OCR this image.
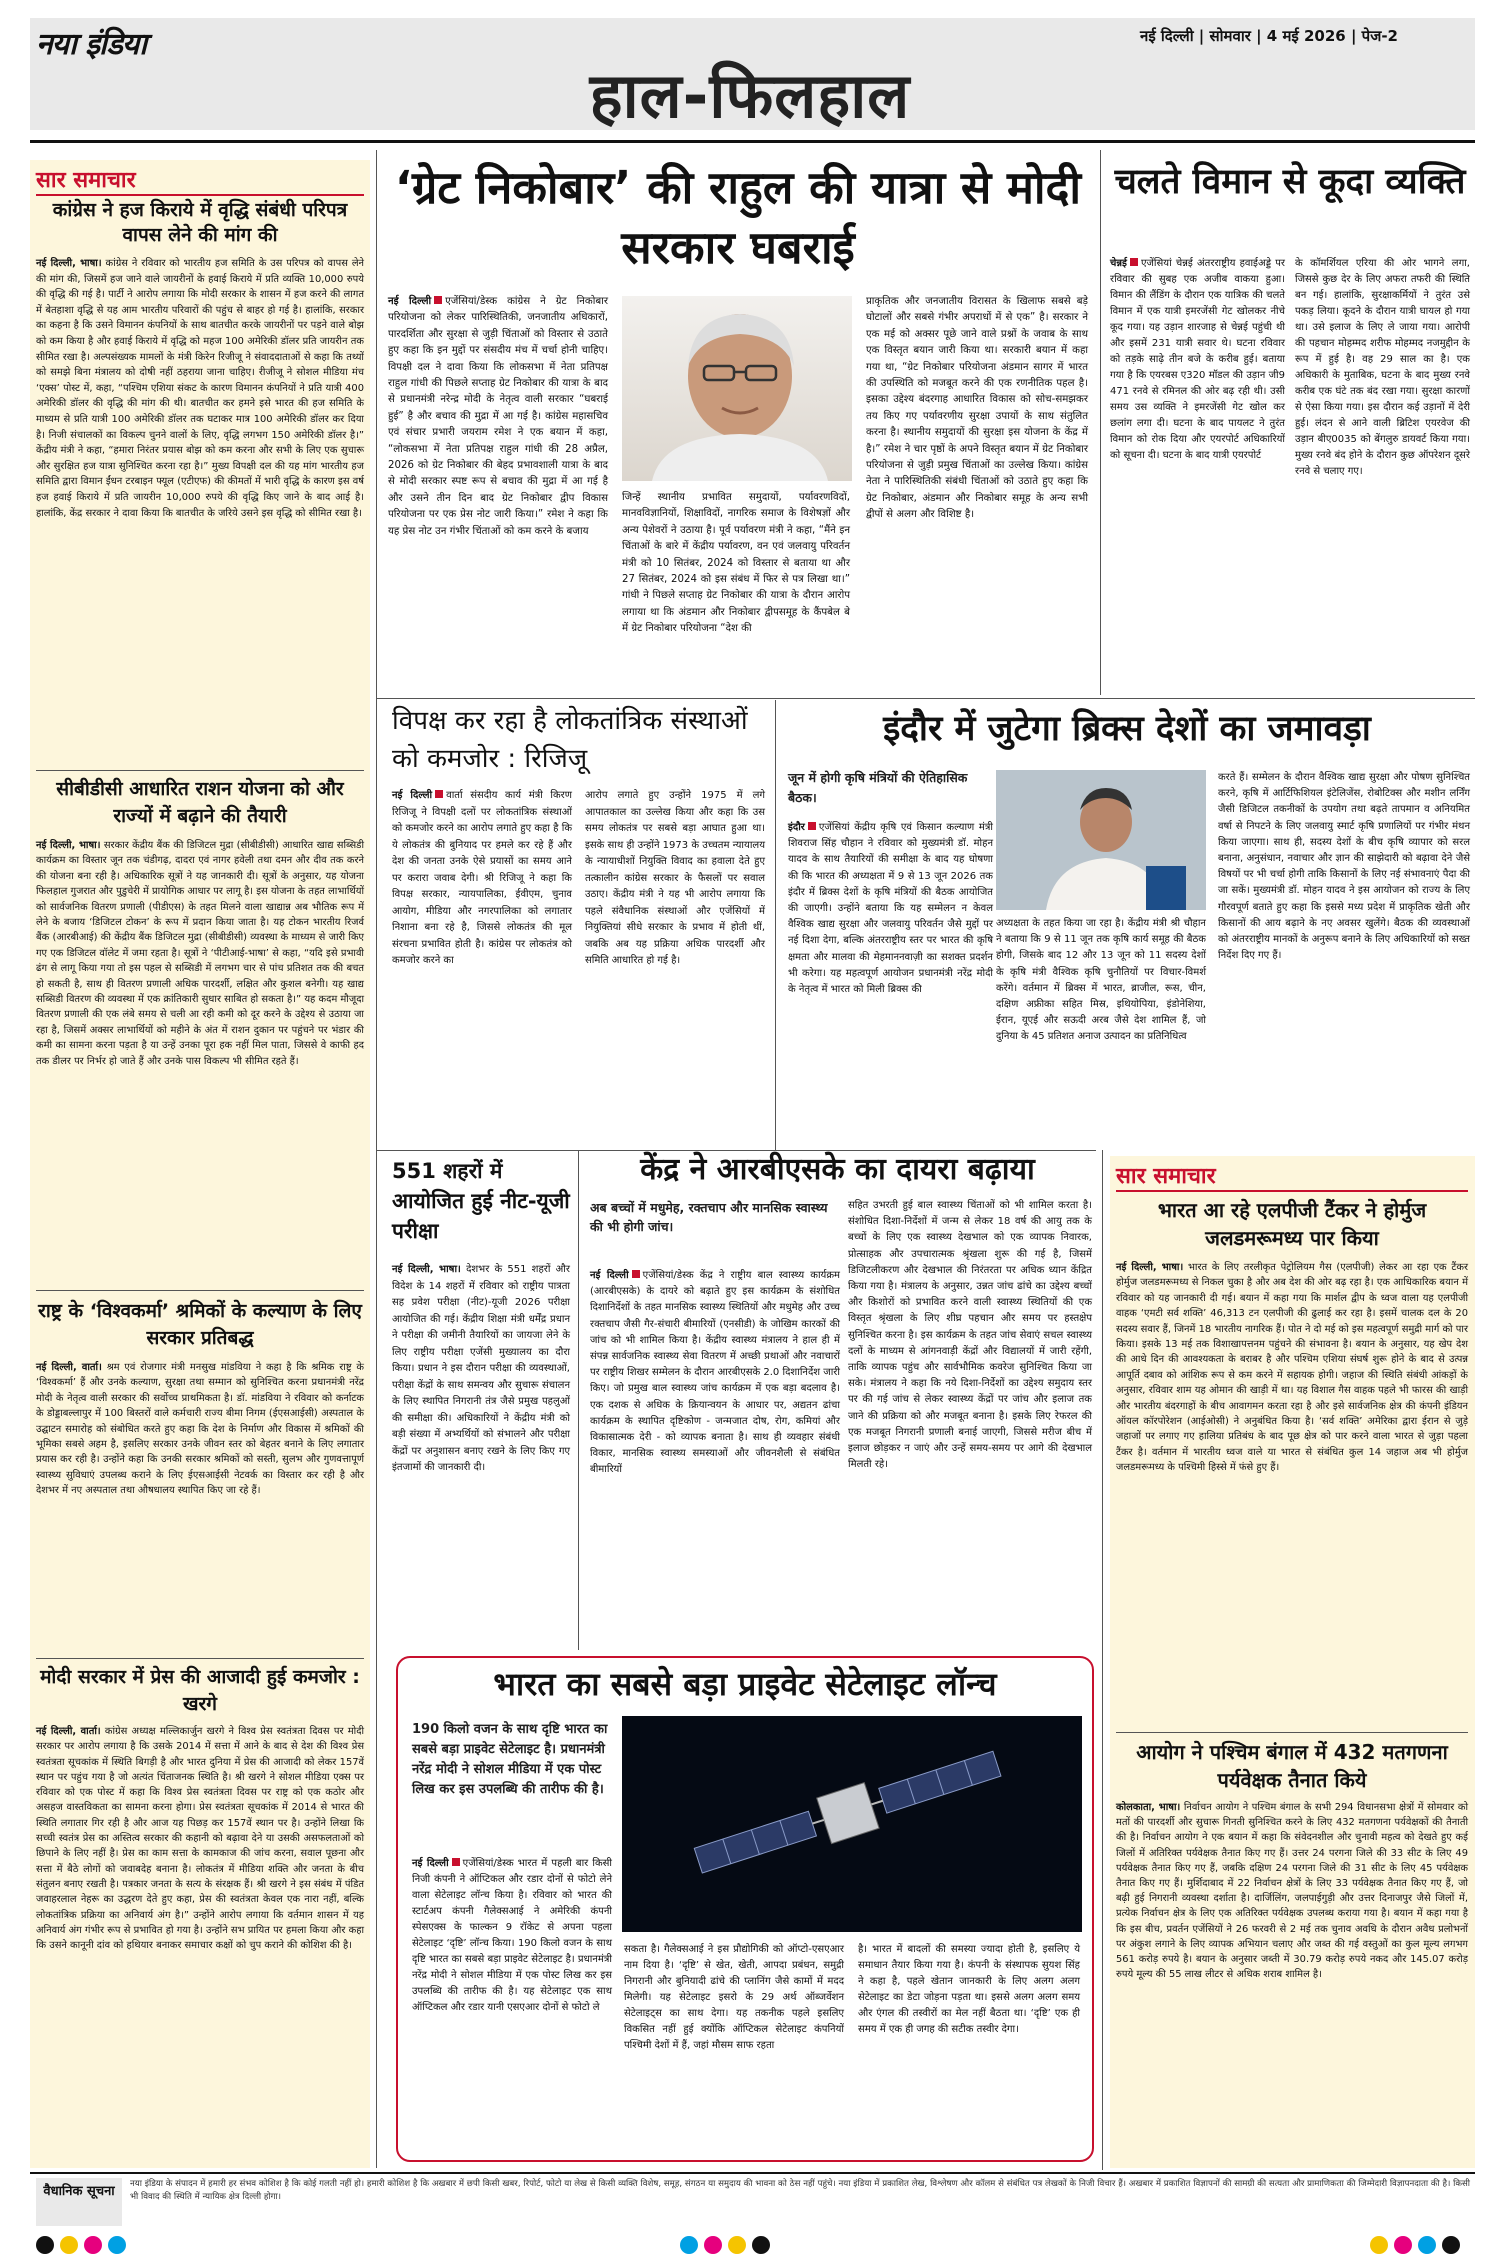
नया इंडिया	नई दिल्ली | सोमवार | 4 मई 2026 | पेज-2
हाल-फिलहाल
सार समाचार
कांग्रेस ने हज किराये में वृद्धि संबंधी परिपत्र वापस लेने की मांग की
नई दिल्ली, भाषा। कांग्रेस ने रविवार को भारतीय हज समिति के उस परिपत्र को वापस लेने की मांग की, जिसमें हज जाने वाले जायरीनों के हवाई किराये में प्रति व्यक्ति 10,000 रुपये की वृद्धि की गई है। पार्टी ने आरोप लगाया कि मोदी सरकार के शासन में हज करने की लागत में बेतहाशा वृद्धि से यह आम भारतीय परिवारों की पहुंच से बाहर हो गई है। हालांकि, सरकार का कहना है कि उसने विमानन कंपनियों के साथ बातचीत करके जायरीनों पर पड़ने वाले बोझ को कम किया है और हवाई किराये में वृद्धि को महज 100 अमेरिकी डॉलर प्रति जायरीन तक सीमित रखा है। अल्पसंख्यक मामलों के मंत्री किरेन रिजीजू ने संवाददाताओं से कहा कि तथ्यों को समझे बिना मंत्रालय को दोषी नहीं ठहराया जाना चाहिए। रीजीजू ने सोशल मीडिया मंच ‘एक्स’ पोस्ट में, कहा, “पश्चिम एशिया संकट के कारण विमानन कंपनियों ने प्रति यात्री 400 अमेरिकी डॉलर की वृद्धि की मांग की थी। बातचीत कर हमने इसे भारत की हज समिति के माध्यम से प्रति यात्री 100 अमेरिकी डॉलर तक घटाकर मात्र 100 अमेरिकी डॉलर कर दिया है। निजी संचालकों का विकल्प चुनने वालों के लिए, वृद्धि लगभग 150 अमेरिकी डॉलर है।” केंद्रीय मंत्री ने कहा, “हमारा निरंतर प्रयास बोझ को कम करना और सभी के लिए एक सुचारू और सुरक्षित हज यात्रा सुनिश्चित करना रहा है।” मुख्य विपक्षी दल की यह मांग भारतीय हज समिति द्वारा विमान ईंधन टरबाइन फ्यूल (एटीएफ) की कीमतों में भारी वृद्धि के कारण इस वर्ष हज हवाई किराये में प्रति जायरीन 10,000 रुपये की वृद्धि किए जाने के बाद आई है। हालांकि, केंद्र सरकार ने दावा किया कि बातचीत के जरिये उसने इस वृद्धि को सीमित रखा है।
सीबीडीसी आधारित राशन योजना को और राज्यों में बढ़ाने की तैयारी
नई दिल्ली, भाषा। सरकार केंद्रीय बैंक की डिजिटल मुद्रा (सीबीडीसी) आधारित खाद्य सब्सिडी कार्यक्रम का विस्तार जून तक चंडीगढ़, दादरा एवं नागर हवेली तथा दमन और दीव तक करने की योजना बना रही है। अधिकारिक सूत्रों ने यह जानकारी दी। सूत्रों के अनुसार, यह योजना फिलहाल गुजरात और पुडुचेरी में प्रायोगिक आधार पर लागू है। इस योजना के तहत लाभार्थियों को सार्वजनिक वितरण प्रणाली (पीडीएस) के तहत मिलने वाला खाद्यान्न अब भौतिक रूप में लेने के बजाय ‘डिजिटल टोकन’ के रूप में प्रदान किया जाता है। यह टोकन भारतीय रिजर्व बैंक (आरबीआई) की केंद्रीय बैंक डिजिटल मुद्रा (सीबीडीसी) व्यवस्था के माध्यम से जारी किए गए एक डिजिटल वॉलेट में जमा रहता है। सूत्रों ने ‘पीटीआई-भाषा’ से कहा, “यदि इसे प्रभावी ढंग से लागू किया गया तो इस पहल से सब्सिडी में लगभग चार से पांच प्रतिशत तक की बचत हो सकती है, साथ ही वितरण प्रणाली अधिक पारदर्शी, लक्षित और कुशल बनेगी। यह खाद्य सब्सिडी वितरण की व्यवस्था में एक क्रांतिकारी सुधार साबित हो सकता है।” यह कदम मौजूदा वितरण प्रणाली की एक लंबे समय से चली आ रही कमी को दूर करने के उद्देश्य से उठाया जा रहा है, जिसमें अक्सर लाभार्थियों को महीने के अंत में राशन दुकान पर पहुंचने पर भंडार की कमी का सामना करना पड़ता है या उन्हें उनका पूरा हक नहीं मिल पाता, जिससे वे काफी हद तक डीलर पर निर्भर हो जाते हैं और उनके पास विकल्प भी सीमित रहते हैं।
राष्ट्र के ‘विश्वकर्मा’ श्रमिकों के कल्याण के लिए सरकार प्रतिबद्ध
नई दिल्ली, वार्ता। श्रम एवं रोजगार मंत्री मनसुख मांडविया ने कहा है कि श्रमिक राष्ट्र के ‘विश्वकर्मा’ हैं और उनके कल्याण, सुरक्षा तथा सम्मान को सुनिश्चित करना प्रधानमंत्री नरेंद्र मोदी के नेतृत्व वाली सरकार की सर्वोच्च प्राथमिकता है। डॉ. मांडविया ने रविवार को कर्नाटक के डोड्डाबल्लापुर में 100 बिस्तरों वाले कर्मचारी राज्य बीमा निगम (ईएसआईसी) अस्पताल के उद्घाटन समारोह को संबोधित करते हुए कहा कि देश के निर्माण और विकास में श्रमिकों की भूमिका सबसे अहम है, इसलिए सरकार उनके जीवन स्तर को बेहतर बनाने के लिए लगातार प्रयास कर रही है। उन्होंने कहा कि उनकी सरकार श्रमिकों को सस्ती, सुलभ और गुणवत्तापूर्ण स्वास्थ्य सुविधाएं उपलब्ध कराने के लिए ईएसआईसी नेटवर्क का विस्तार कर रही है और देशभर में नए अस्पताल तथा औषधालय स्थापित किए जा रहे हैं।
मोदी सरकार में प्रेस की आजादी हुई कमजोर : खरगे
नई दिल्ली, वार्ता। कांग्रेस अध्यक्ष मल्लिकार्जुन खरगे ने विश्व प्रेस स्वतंत्रता दिवस पर मोदी सरकार पर आरोप लगाया है कि उसके 2014 में सत्ता में आने के बाद से देश की विश्व प्रेस स्वतंत्रता सूचकांक में स्थिति बिगड़ी है और भारत दुनिया में प्रेस की आजादी को लेकर 157वें स्थान पर पहुंच गया है जो अत्यंत चिंताजनक स्थिति है। श्री खरगे ने सोशल मीडिया एक्स पर रविवार को एक पोस्ट में कहा कि विश्व प्रेस स्वतंत्रता दिवस पर राष्ट्र को एक कठोर और असहज वास्तविकता का सामना करना होगा। प्रेस स्वतंत्रता सूचकांक में 2014 से भारत की स्थिति लगातार गिर रही है और आज यह पिछड़ कर 157वें स्थान पर है। उन्होंने लिखा कि सच्ची स्वतंत्र प्रेस का अस्तित्व सरकार की कहानी को बढ़ावा देने या उसकी असफलताओं को छिपाने के लिए नहीं है। प्रेस का काम सत्ता के कामकाज की जांच करना, सवाल पूछना और सत्ता में बैठे लोगों को जवाबदेह बनाना है। लोकतंत्र में मीडिया शक्ति और जनता के बीच संतुलन बनाए रखती है। पत्रकार जनता के सत्य के संरक्षक हैं। श्री खरगे ने इस संबंध में पंडित जवाहरलाल नेहरू का उद्धरण देते हुए कहा, प्रेस की स्वतंत्रता केवल एक नारा नहीं, बल्कि लोकतांत्रिक प्रक्रिया का अनिवार्य अंग है।” उन्होंने आरोप लगाया कि वर्तमान शासन में यह अनिवार्य अंग गंभीर रूप से प्रभावित हो गया है। उन्होंने सभ प्रायित पर हमला किया और कहा कि उसने कानूनी दांव को हथियार बनाकर समाचार कक्षों को चुप कराने की कोशिश की है।
‘ग्रेट निकोबार’ की राहुल की यात्रा से मोदी सरकार घबराई
नई दिल्ली एजेंसियां/डेस्क कांग्रेस ने ग्रेट निकोबार परियोजना को लेकर पारिस्थितिकी, जनजातीय अधिकारों, पारदर्शिता और सुरक्षा से जुड़ी चिंताओं को विस्तार से उठाते हुए कहा कि इन मुद्दों पर संसदीय मंच में चर्चा होनी चाहिए। विपक्षी दल ने दावा किया कि लोकसभा में नेता प्रतिपक्ष राहुल गांधी की पिछले सप्ताह ग्रेट निकोबार की यात्रा के बाद से प्रधानमंत्री नरेन्द्र मोदी के नेतृत्व वाली सरकार “घबराई हुई” है और बचाव की मुद्रा में आ गई है। कांग्रेस महासचिव एवं संचार प्रभारी जयराम रमेश ने एक बयान में कहा, “लोकसभा में नेता प्रतिपक्ष राहुल गांधी की 28 अप्रैल, 2026 को ग्रेट निकोबार की बेहद प्रभावशाली यात्रा के बाद से मोदी सरकार स्पष्ट रूप से बचाव की मुद्रा में आ गई है और उसने तीन दिन बाद ग्रेट निकोबार द्वीप विकास परियोजना पर एक प्रेस नोट जारी किया।” रमेश ने कहा कि यह प्रेस नोट उन गंभीर चिंताओं को कम करने के बजाय
जिन्हें स्थानीय प्रभावित समुदायों, पर्यावरणविदों, मानवविज्ञानियों, शिक्षाविदों, नागरिक समाज के विशेषज्ञों और अन्य पेशेवरों ने उठाया है। पूर्व पर्यावरण मंत्री ने कहा, “मैंने इन चिंताओं के बारे में केंद्रीय पर्यावरण, वन एवं जलवायु परिवर्तन मंत्री को 10 सितंबर, 2024 को विस्तार से बताया था और 27 सितंबर, 2024 को इस संबंध में फिर से पत्र लिखा था।” गांधी ने पिछले सप्ताह ग्रेट निकोबार की यात्रा के दौरान आरोप लगाया था कि अंडमान और निकोबार द्वीपसमूह के कैंपबेल बे में ग्रेट निकोबार परियोजना “देश की
प्राकृतिक और जनजातीय विरासत के खिलाफ सबसे बड़े घोटालों और सबसे गंभीर अपराधों में से एक” है। सरकार ने एक मई को अक्सर पूछे जाने वाले प्रश्नों के जवाब के साथ एक विस्तृत बयान जारी किया था। सरकारी बयान में कहा गया था, “ग्रेट निकोबार परियोजना अंडमान सागर में भारत की उपस्थिति को मजबूत करने की एक रणनीतिक पहल है। इसका उद्देश्य बंदरगाह आधारित विकास को सोच-समझकर तय किए गए पर्यावरणीय सुरक्षा उपायों के साथ संतुलित करना है। स्थानीय समुदायों की सुरक्षा इस योजना के केंद्र में है।” रमेश ने चार पृष्ठों के अपने विस्तृत बयान में ग्रेट निकोबार परियोजना से जुड़ी प्रमुख चिंताओं का उल्लेख किया। कांग्रेस नेता ने पारिस्थितिकी संबंधी चिंताओं को उठाते हुए कहा कि ग्रेट निकोबार, अंडमान और निकोबार समूह के अन्य सभी द्वीपों से अलग और विशिष्ट है।
चलते विमान से कूदा व्यक्ति
चेन्नई एजेंसियां चेन्नई अंतरराष्ट्रीय हवाईअड्डे पर रविवार की सुबह एक अजीब वाकया हुआ। विमान की लैंडिंग के दौरान एक यात्रिक की चलते विमान में एक यात्री इमरजेंसी गेट खोलकर नीचे कूद गया। यह उड़ान शारजाह से चेन्नई पहुंची थी और इसमें 231 यात्री सवार थे। घटना रविवार को तड़के साढ़े तीन बजे के करीब हुई। बताया गया है कि एयरबस ए320 मॉडल की उड़ान जी9 471 रनवे से रमिनल की ओर बढ़ रही थी। उसी समय उस व्यक्ति ने इमरजेंसी गेट खोल कर छलांग लगा दी। घटना के बाद पायलट ने तुरंत विमान को रोक दिया और एयरपोर्ट अधिकारियों को सूचना दी। घटना के बाद यात्री एयरपोर्ट
के कॉमर्शियल एरिया की ओर भागने लगा, जिससे कुछ देर के लिए अफरा तफरी की स्थिति बन गई। हालांकि, सुरक्षाकर्मियों ने तुरंत उसे पकड़ लिया। कूदने के दौरान यात्री घायल हो गया था। उसे इलाज के लिए ले जाया गया। आरोपी की पहचान मोहम्मद शरीफ मोहम्मद नजमुद्दीन के रूप में हुई है। वह 29 साल का है। एक अधिकारी के मुताबिक, घटना के बाद मुख्य रनवे करीब एक घंटे तक बंद रखा गया। सुरक्षा कारणों से ऐसा किया गया। इस दौरान कई उड़ानों में देरी हुई। लंदन से आने वाली ब्रिटिश एयरवेज की उड़ान बीए0035 को बेंगलुरु डायवर्ट किया गया। मुख्य रनवे बंद होने के दौरान कुछ ऑपरेशन दूसरे रनवे से चलाए गए।
विपक्ष कर रहा है लोकतांत्रिक संस्थाओं को कमजोर : रिजिजू
नई दिल्ली वार्ता संसदीय कार्य मंत्री किरण रिजिजू ने विपक्षी दलों पर लोकतांत्रिक संस्थाओं को कमजोर करने का आरोप लगाते हुए कहा है कि ये लोकतंत्र की बुनियाद पर हमले कर रहे हैं और देश की जनता उनके ऐसे प्रयासों का समय आने पर करारा जवाब देगी। श्री रिजिजू ने कहा कि विपक्ष सरकार, न्यायपालिका, ईवीएम, चुनाव आयोग, मीडिया और नगरपालिका को लगातार निशाना बना रहे है, जिससे लोकतंत्र की मूल संरचना प्रभावित होती है। कांग्रेस पर लोकतंत्र को कमजोर करने का
आरोप लगाते हुए उन्होंने 1975 में लगे आपातकाल का उल्लेख किया और कहा कि उस समय लोकतंत्र पर सबसे बड़ा आघात हुआ था। इसके साथ ही उन्होंने 1973 के उच्चतम न्यायालय के न्यायाधीशों नियुक्ति विवाद का हवाला देते हुए तत्कालीन कांग्रेस सरकार के फैसलों पर सवाल उठाए। केंद्रीय मंत्री ने यह भी आरोप लगाया कि पहले संवैधानिक संस्थाओं और एजेंसियों में नियुक्तियां सीधे सरकार के प्रभाव में होती थीं, जबकि अब यह प्रक्रिया अधिक पारदर्शी और समिति आधारित हो गई है।
इंदौर में जुटेगा ब्रिक्स देशों का जमावड़ा
जून में होगी कृषि मंत्रियों की ऐतिहासिक बैठक।
इंदौर एजेंसियां केंद्रीय कृषि एवं किसान कल्याण मंत्री शिवराज सिंह चौहान ने रविवार को मुख्यमंत्री डॉ. मोहन यादव के साथ तैयारियों की समीक्षा के बाद यह घोषणा की कि भारत की अध्यक्षता में 9 से 13 जून 2026 तक इंदौर में ब्रिक्स देशों के कृषि मंत्रियों की बैठक आयोजित की जाएगी। उन्होंने बताया कि यह सम्मेलन न केवल वैश्विक खाद्य सुरक्षा और जलवायु परिवर्तन जैसे मुद्दों पर नई दिशा देगा, बल्कि अंतरराष्ट्रीय स्तर पर भारत की कृषि क्षमता और मालवा की मेहमाननवाज़ी का सशक्त प्रदर्शन भी करेगा। यह महत्वपूर्ण आयोजन प्रधानमंत्री नरेंद्र मोदी के नेतृत्व में भारत को मिली ब्रिक्स की
अध्यक्षता के तहत किया जा रहा है। केंद्रीय मंत्री श्री चौहान ने बताया कि 9 से 11 जून तक कृषि कार्य समूह की बैठक होगी, जिसके बाद 12 और 13 जून को 11 सदस्य देशों के कृषि मंत्री वैश्विक कृषि चुनौतियों पर विचार-विमर्श करेंगे। वर्तमान में ब्रिक्स में भारत, ब्राजील, रूस, चीन, दक्षिण अफ्रीका सहित मिस्र, इथियोपिया, इंडोनेशिया, ईरान, यूएई और सऊदी अरब जैसे देश शामिल हैं, जो दुनिया के 45 प्रतिशत अनाज उत्पादन का प्रतिनिधित्व
करते हैं। सम्मेलन के दौरान वैश्विक खाद्य सुरक्षा और पोषण सुनिश्चित करने, कृषि में आर्टिफिशियल इंटेलिजेंस, रोबोटिक्स और मशीन लर्निंग जैसी डिजिटल तकनीकों के उपयोग तथा बढ़ते तापमान व अनियमित वर्षा से निपटने के लिए जलवायु स्मार्ट कृषि प्रणालियों पर गंभीर मंथन किया जाएगा। साथ ही, सदस्य देशों के बीच कृषि व्यापार को सरल बनाना, अनुसंधान, नवाचार और ज्ञान की साझेदारी को बढ़ावा देने जैसे विषयों पर भी चर्चा होगी ताकि किसानों के लिए नई संभावनाएं पैदा की जा सकें। मुख्यमंत्री डॉ. मोहन यादव ने इस आयोजन को राज्य के लिए गौरवपूर्ण बताते हुए कहा कि इससे मध्य प्रदेश में प्राकृतिक खेती और किसानों की आय बढ़ाने के नए अवसर खुलेंगे। बैठक की व्यवस्थाओं को अंतरराष्ट्रीय मानकों के अनुरूप बनाने के लिए अधिकारियों को सख्त निर्देश दिए गए हैं।
551 शहरों में आयोजित हुई नीट-यूजी परीक्षा
नई दिल्ली, भाषा। देशभर के 551 शहरों और विदेश के 14 शहरों में रविवार को राष्ट्रीय पात्रता सह प्रवेश परीक्षा (नीट)-यूजी 2026 परीक्षा आयोजित की गई। केंद्रीय शिक्षा मंत्री धर्मेंद्र प्रधान ने परीक्षा की जमीनी तैयारियों का जायजा लेने के लिए राष्ट्रीय परीक्षा एजेंसी मुख्यालय का दौरा किया। प्रधान ने इस दौरान परीक्षा की व्यवस्थाओं, परीक्षा केंद्रों के साथ समन्वय और सुचारू संचालन के लिए स्थापित निगरानी तंत्र जैसे प्रमुख पहलुओं की समीक्षा की। अधिकारियों ने केंद्रीय मंत्री को बड़ी संख्या में अभ्यर्थियों को संभालने और परीक्षा केंद्रों पर अनुशासन बनाए रखने के लिए किए गए इंतजामों की जानकारी दी।
केंद्र ने आरबीएसके का दायरा बढ़ाया
अब बच्चों में मधुमेह, रक्तचाप और मानसिक स्वास्थ्य की भी होगी जांच।
नई दिल्ली एजेंसियां/डेस्क केंद्र ने राष्ट्रीय बाल स्वास्थ्य कार्यक्रम (आरबीएसके) के दायरे को बढ़ाते हुए इस कार्यक्रम के संशोधित दिशानिर्देशों के तहत मानसिक स्वास्थ्य स्थितियों और मधुमेह और उच्च रक्तचाप जैसी गैर-संचारी बीमारियों (एनसीडी) के जोखिम कारकों की जांच को भी शामिल किया है। केंद्रीय स्वास्थ्य मंत्रालय ने हाल ही में संपन्न सार्वजनिक स्वास्थ्य सेवा वितरण में अच्छी प्रथाओं और नवाचारों पर राष्ट्रीय शिखर सम्मेलन के दौरान आरबीएसके 2.0 दिशानिर्देश जारी किए। जो प्रमुख बाल स्वास्थ्य जांच कार्यक्रम में एक बड़ा बदलाव है। एक दशक से अधिक के क्रियान्वयन के आधार पर, अद्यतन ढांचा कार्यक्रम के स्थापित दृष्टिकोण - जन्मजात दोष, रोग, कमियां और विकासात्मक देरी - को व्यापक बनाता है। साथ ही व्यवहार संबंधी विकार, मानसिक स्वास्थ्य समस्याओं और जीवनशैली से संबंधित बीमारियों
सहित उभरती हुई बाल स्वास्थ्य चिंताओं को भी शामिल करता है। संशोधित दिशा-निर्देशों में जन्म से लेकर 18 वर्ष की आयु तक के बच्चों के लिए एक स्वास्थ्य देखभाल को एक व्यापक निवारक, प्रोत्साहक और उपचारात्मक श्रृंखला शुरू की गई है, जिसमें डिजिटलीकरण और देखभाल की निरंतरता पर अधिक ध्यान केंद्रित किया गया है। मंत्रालय के अनुसार, उन्नत जांच ढांचे का उद्देश्य बच्चों और किशोरों को प्रभावित करने वाली स्वास्थ्य स्थितियों की एक विस्तृत श्रृंखला के लिए शीघ्र पहचान और समय पर हस्तक्षेप सुनिश्चित करना है। इस कार्यक्रम के तहत जांच सेवाएं सचल स्वास्थ्य दलों के माध्यम से आंगनवाड़ी केंद्रों और विद्यालयों में जारी रहेंगी, ताकि व्यापक पहुंच और सार्वभौमिक कवरेज सुनिश्चित किया जा सके। मंत्रालय ने कहा कि नये दिशा-निर्देशों का उद्देश्य समुदाय स्तर पर की गई जांच से लेकर स्वास्थ्य केंद्रों पर जांच और इलाज तक जाने की प्रक्रिया को और मजबूत बनाना है। इसके लिए रेफरल की एक मजबूत निगरानी प्रणाली बनाई जाएगी, जिससे मरीज बीच में इलाज छोड़कर न जाएं और उन्हें समय-समय पर आगे की देखभाल मिलती रहे।
भारत का सबसे बड़ा प्राइवेट सेटेलाइट लॉन्च
190 किलो वजन के साथ दृष्टि भारत का सबसे बड़ा प्राइवेट सेटेलाइट है। प्रधानमंत्री नरेंद्र मोदी ने सोशल मीडिया में एक पोस्ट लिख कर इस उपलब्धि की तारीफ की है।
नई दिल्ली एजेंसियां/डेस्क भारत में पहली बार किसी निजी कंपनी ने ऑप्टिकल और रडार दोनों से फोटो लेने वाला सेटेलाइट लॉन्च किया है। रविवार को भारत की स्टार्टअप कंपनी गैलेक्सआई ने अमेरिकी कंपनी स्पेसएक्स के फाल्कन 9 रॉकेट से अपना पहला सेटेलाइट ‘दृष्टि’ लॉन्च किया। 190 किलो वजन के साथ दृष्टि भारत का सबसे बड़ा प्राइवेट सेटेलाइट है। प्रधानमंत्री नरेंद्र मोदी ने सोशल मीडिया में एक पोस्ट लिख कर इस उपलब्धि की तारीफ की है। यह सेटेलाइट एक साथ ऑप्टिकल और रडार यानी एसएआर दोनों से फोटो ले
सकता है। गैलेक्सआई ने इस प्रौद्योगिकी को ऑप्टो-एसएआर नाम दिया है। ‘दृष्टि’ से खेत, खेती, आपदा प्रबंधन, समुद्री निगरानी और बुनियादी ढांचे की प्लानिंग जैसे कामों में मदद मिलेगी। यह सेटेलाइट इसरो के 29 अर्थ ऑब्जर्वेशन सेटेलाइट्स का साथ देगा। यह तकनीक पहले इसलिए विकसित नहीं हुई क्योंकि ऑप्टिकल सेटेलाइट कंपनियों पश्चिमी देशों में हैं, जहां मौसम साफ रहता
है। भारत में बादलों की समस्या ज्यादा होती है, इसलिए ये समाधान तैयार किया गया है। कंपनी के संस्थापक सुयश सिंह ने कहा है, पहले खेतान जानकारी के लिए अलग अलग सेटेलाइट का डेटा जोड़ना पड़ता था। इससे अलग अलग समय और एंगल की तस्वीरों का मेल नहीं बैठता था। ‘दृष्टि’ एक ही समय में एक ही जगह की सटीक तस्वीर देगा।
सार समाचार
भारत आ रहे एलपीजी टैंकर ने होर्मुज जलडमरूमध्य पार किया
नई दिल्ली, भाषा। भारत के लिए तरलीकृत पेट्रोलियम गैस (एलपीजी) लेकर आ रहा एक टैंकर होर्मुज जलडमरूमध्य से निकल चुका है और अब देश की ओर बढ़ रहा है। एक आधिकारिक बयान में रविवार को यह जानकारी दी गई। बयान में कहा गया कि मार्शल द्वीप के ध्वज वाला यह एलपीजी वाहक ‘एमटी सर्व शक्ति’ 46,313 टन एलपीजी की ढुलाई कर रहा है। इसमें चालक दल के 20 सदस्य सवार हैं, जिनमें 18 भारतीय नागरिक हैं। पोत ने दो मई को इस महत्वपूर्ण समुद्री मार्ग को पार किया। इसके 13 मई तक विशाखापत्तनम पहुंचने की संभावना है। बयान के अनुसार, यह खेप देश की आधे दिन की आवश्यकता के बराबर है और पश्चिम एशिया संघर्ष शुरू होने के बाद से उत्पन्न आपूर्ति दबाव को आंशिक रूप से कम करने में सहायक होगी। जहाज की स्थिति संबंधी आंकड़ों के अनुसार, रविवार शाम यह ओमान की खाड़ी में था। यह विशाल गैस वाहक पहले भी फारस की खाड़ी और भारतीय बंदरगाहों के बीच आवागमन करता रहा है और इसे सार्वजनिक क्षेत्र की कंपनी इंडियन ऑयल कॉरपोरेशन (आईओसी) ने अनुबंधित किया है। ‘सर्व शक्ति’ अमेरिका द्वारा ईरान से जुड़े जहाजों पर लगाए गए हालिया प्रतिबंध के बाद पूछ क्षेत्र को पार करने वाला भारत से जुड़ा पहला टैंकर है। वर्तमान में भारतीय ध्वज वाले या भारत से संबंधित कुल 14 जहाज अब भी होर्मुज जलडमरूमध्य के पश्चिमी हिस्से में फंसे हुए हैं।
आयोग ने पश्चिम बंगाल में 432 मतगणना पर्यवेक्षक तैनात किये
कोलकाता, भाषा। निर्वाचन आयोग ने पश्चिम बंगाल के सभी 294 विधानसभा क्षेत्रों में सोमवार को मतों की पारदर्शी और सुचारू गिनती सुनिश्चित करने के लिए 432 मतगणना पर्यवेक्षकों की तैनाती की है। निर्वाचन आयोग ने एक बयान में कहा कि संवेदनशील और चुनावी महत्व को देखते हुए कई जिलों में अतिरिक्त पर्यवेक्षक तैनात किए गए हैं। उत्तर 24 परगना जिले की 33 सीट के लिए 49 पर्यवेक्षक तैनात किए गए हैं, जबकि दक्षिण 24 परगना जिले की 31 सीट के लिए 45 पर्यवेक्षक तैनात किए गए हैं। मुर्शिदाबाद में 22 निर्वाचन क्षेत्रों के लिए 33 पर्यवेक्षक तैनात किए गए हैं, जो बढ़ी हुई निगरानी व्यवस्था दर्शाता है। दार्जिलिंग, जलपाईगुड़ी और उत्तर दिनाजपुर जैसे जिलों में, प्रत्येक निर्वाचन क्षेत्र के लिए एक अतिरिक्त पर्यवेक्षक उपलब्ध कराया गया है। बयान में कहा गया है कि इस बीच, प्रवर्तन एजेंसियों ने 26 फरवरी से 2 मई तक चुनाव अवधि के दौरान अवैध प्रलोभनों पर अंकुश लगाने के लिए व्यापक अभियान चलाए और जब्त की गई वस्तुओं का कुल मूल्य लगभग 561 करोड़ रुपये है। बयान के अनुसार जब्ती में 30.79 करोड़ रुपये नकद और 145.07 करोड़ रुपये मूल्य की 55 लाख लीटर से अधिक शराब शामिल है।
वैधानिक सूचना	नया इंडिया के संपादन में हमारी हर संभव कोशिश है कि कोई गलती नहीं हो। हमारी कोशिश है कि अखबार में छपी किसी खबर, रिपोर्ट, फोटो या लेख से किसी व्यक्ति विशेष, समूह, संगठन या समुदाय की भावना को ठेस नहीं पहुंचे। नया इंडिया में प्रकाशित लेख, विश्लेषण और कॉलम से संबंधित पत्र लेखकों के निजी विचार हैं। अखबार में प्रकाशित विज्ञापनों की सामग्री की सत्यता और प्रामाणिकता की जिम्मेदारी विज्ञापनदाता की है। किसी भी विवाद की स्थिति में न्यायिक क्षेत्र दिल्ली होगा।
